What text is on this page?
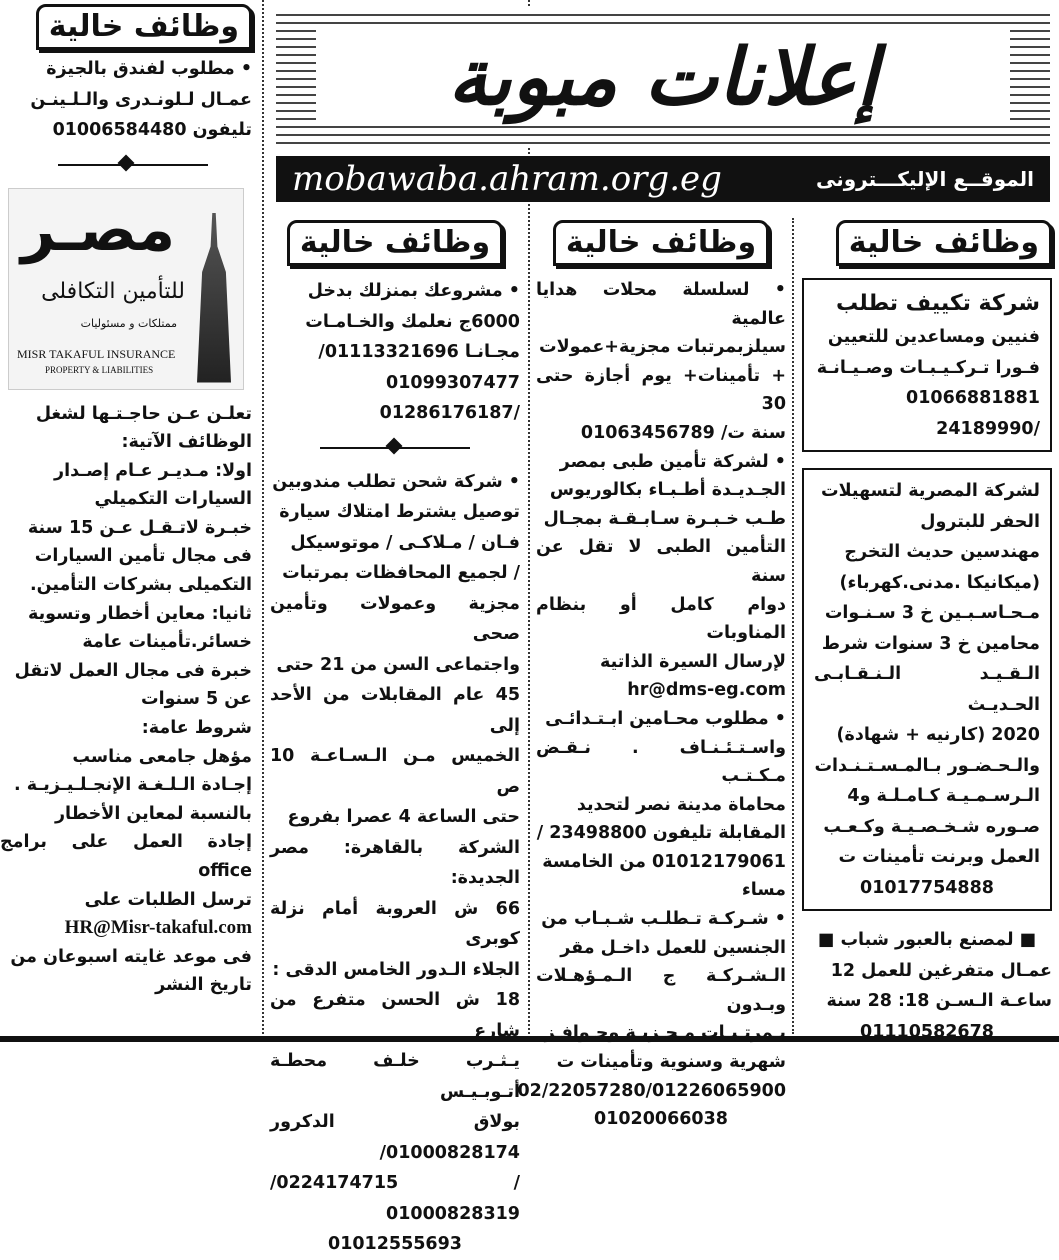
إعلانات مبوبة
mobawaba.ahram.org.eg	الموقــع الإليكـــترونى
وظائف خالية

• مطلوب لفندق بالجيزة

عمـال لـلونـدرى والـلـينـن

تليفون 01006584480

مصـر
للتأمين التكافلى
ممتلكات و مسئوليات
MISR TAKAFUL INSURANCE
PROPERTY & LIABILITIES

تعلـن عـن حاجـتـها لشغل

الوظائف الآتية:

اولا: مـديـر عـام إصـدار

السيارات التكميلي

خبـرة لاتـقـل عـن 15 سنة

فى مجال تأمين السيارات

التكميلى بشركات التأمين.

ثانيا: معاين أخطار وتسوية

خسائر.تأمينات عامة

خبرة فى مجال العمل لاتقل

عن 5 سنوات

شروط عامة:

مؤهل جامعى مناسب

إجـادة الـلـغـة الإنجـلـيـزيـة .

بالنسبة لمعاين الأخطار

إجادة العمل على برامج office

ترسل الطلبات على

HR@Misr-takaful.com

فى موعد غايته اسبوعان من

تاريخ النشر

وظائف خالية

• مشروعك بمنزلك بدخل

6000ج نعلمك والخـامـات

مجـانـا 01113321696/

01099307477 /01286176187

• شركة شحن تطلب مندوبين

توصيل يشترط امتلاك سيارة

فـان / مـلاكـى / موتوسيكل

/ لجميع المحافظات بمرتبات

مجزية وعمولات وتأمين صحى

واجتماعى السن من 21 حتى

45 عام المقابلات من الأحد إلى

الخميس مـن الـسـاعـة 10 ص

حتى الساعة 4 عصرا بفروع

الشركة بالقاهرة: مصر الجديدة:

66 ش العروبة أمام نزلة كوبرى

الجلاء الـدور الخامس الدقى :

18 ش الحسن متفرع من شارع

يـثـرب خلـف محطـة أتـوبـيـس

بولاق الدكرور 01000828174/

/ 0224174715/ 01000828319

01012555693

وظائف خالية

• لسلسلة محلات هدايا عالمية

سيلزبمرتبات مجزية+عمولات

+ تأمينات+ يوم أجازة حتى 30

سنة ت/ 01063456789

• لشركة تأمين طبى بمصر

الجـديـدة أطـبـاء بكالوريوس

طـب خـبـرة سـابـقـة بمجـال

التأمين الطبى لا تقل عن سنة

دوام كامل أو بنظام المناوبات

لإرسال السيرة الذاتية

hr@dms-eg.com

• مطلوب محـامين ابـتـدائـى

واسـتـئـنـاف . نـقـض مـكـتـب

محاماة مدينة نصر لتحديد

المقابلة تليفون 23498800 /

01012179061 من الخامسة

مساء

• شـركـة تـطلـب شـبـاب من

الجنسين للعمل داخـل مقر

الـشـركـة ج الـمـؤهـلات وبـدون

بـمرتـبـات مـجـزيـة وحـوافـز

شهرية وسنوية وتأمينات ت

02/22057280/01226065900

01020066038

وظائف خالية

شركة تكييف تطلب

فنيين ومساعدين للتعيين

فـورا تـركـيـبـات وصـيـانـة

01066881881 /24189990

لشركة المصرية لتسهيلات

الحفر للبترول

مهندسين حديث التخرج

(ميكانيكا .مدنى.كهرباء)

مـحـاسـبـين خ 3 سـنـوات

محامين خ 3 سنوات شرط

الـقـيـد الـنـقـابـى الحـديـث

2020 (كارنيه + شهادة)

والـحـضـور بـالمـسـتـنـدات

الـرسـمـيـة كـامـلـة و4

صـوره شـخـصـيـة وكـعـب

العمل وبرنت تأمينات ت

01017754888

■ لمصنع بالعبور شباب ■

عمـال متفرغين للعمل 12

ساعـة الـسـن 18: 28 سنة

01110582678
